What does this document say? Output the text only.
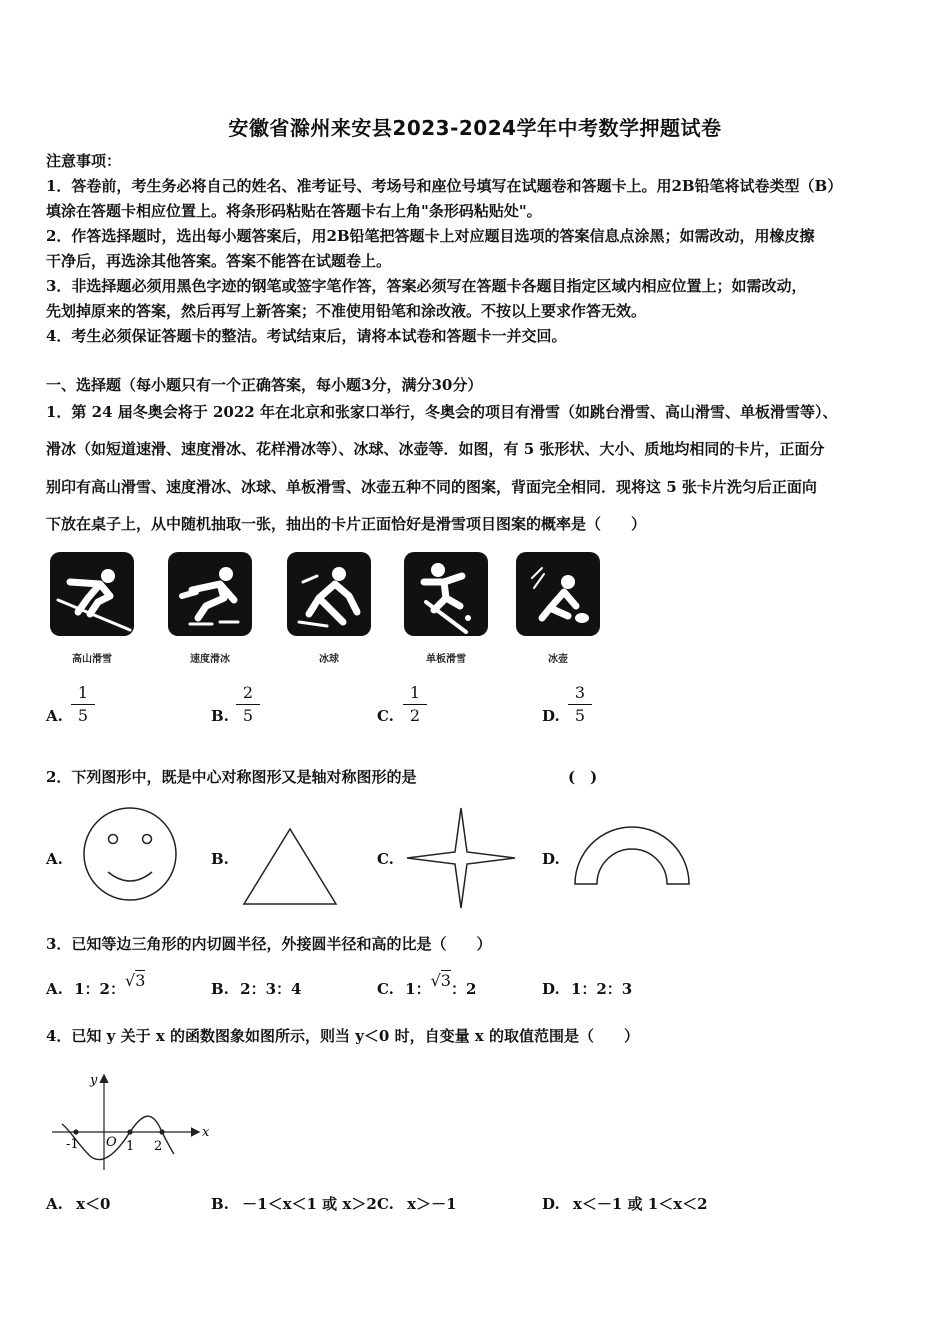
安徽省滁州来安县2023-2024学年中考数学押题试卷
注意事项：
1．答卷前，考生务必将自己的姓名、准考证号、考场号和座位号填写在试题卷和答题卡上。用2B铅笔将试卷类型（B）
填涂在答题卡相应位置上。将条形码粘贴在答题卡右上角"条形码粘贴处"。
2．作答选择题时，选出每小题答案后，用2B铅笔把答题卡上对应题目选项的答案信息点涂黑；如需改动，用橡皮擦
干净后，再选涂其他答案。答案不能答在试题卷上。
3．非选择题必须用黑色字迹的钢笔或签字笔作答，答案必须写在答题卡各题目指定区域内相应位置上；如需改动，
先划掉原来的答案，然后再写上新答案；不准使用铅笔和涂改液。不按以上要求作答无效。
4．考生必须保证答题卡的整洁。考试结束后，请将本试卷和答题卡一并交回。
一、选择题（每小题只有一个正确答案，每小题3分，满分30分）
1．第 24 届冬奥会将于 2022 年在北京和张家口举行，冬奥会的项目有滑雪（如跳台滑雪、高山滑雪、单板滑雪等）、
滑冰（如短道速滑、速度滑冰、花样滑冰等）、冰球、冰壶等．如图，有 5 张形状、大小、质地均相同的卡片，正面分
别印有高山滑雪、速度滑冰、冰球、单板滑雪、冰壶五种不同的图案，背面完全相同．现将这 5 张卡片洗匀后正面向
下放在桌子上，从中随机抽取一张，抽出的卡片正面恰好是滑雪项目图案的概率是（　　）
高山滑雪	速度滑冰	冰球	单板滑雪	冰壶
A.
1
5	B.
2
5	C.
1
2	D.
3
5
2．下列图形中，既是中心对称图形又是轴对称图形的是	(　)
A.	B.	C.	D.
3．已知等边三角形的内切圆半径，外接圆半径和高的比是（　　）
A. 1：2：√3	B. 2：3：4	C. 1：√3：2	D. 1：2：3
4．已知 y 关于 x 的函数图象如图所示，则当 y＜0 时，自变量 x 的取值范围是（　　）
y
x
O
-1	1 2
A. x＜0	B. －1＜x＜1 或 x＞2 C. x＞－1	D. x＜－1 或 1＜x＜2
